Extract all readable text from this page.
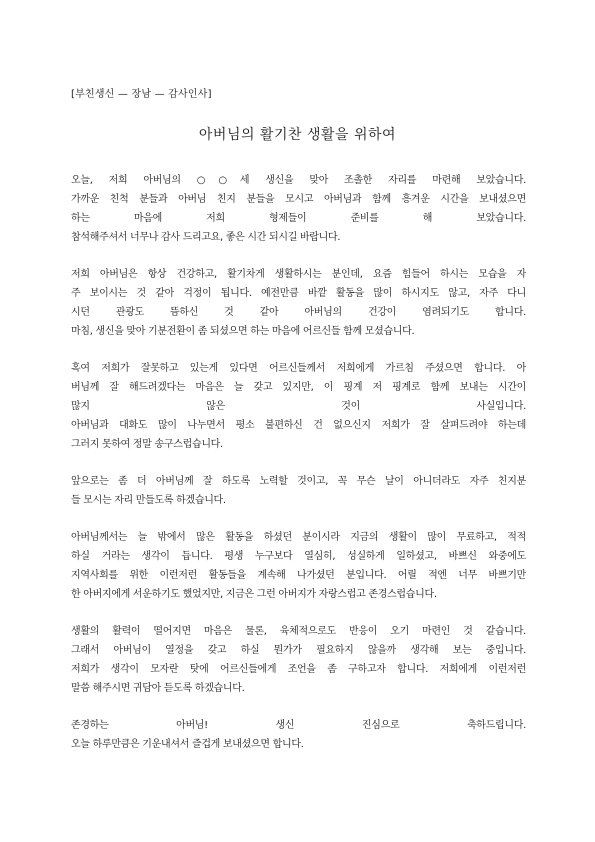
[부친생신 — 장남 — 감사인사]
아버님의 활기찬 생활을 위하여
오늘, 저희 아버님의 ○○세 생신을 맞아 조촐한 자리를 마련해 보았습니다.
가까운 친척 분들과 아버님 친지 분들을 모시고 아버님과 함께 흥겨운 시간을 보내셨으면
하는 마음에 저희 형제들이 준비를 해 보았습니다.
참석해주셔서 너무나 감사 드리고요, 좋은 시간 되시길 바랍니다.
저희 아버님은 항상 건강하고, 활기차게 생활하시는 분인데, 요즘 힘들어 하시는 모습을 자
주 보이시는 것 같아 걱정이 됩니다. 예전만큼 바깥 활동을 많이 하시지도 않고, 자주 다니
시던 관광도 뜸하신 것 같아 아버님의 건강이 염려되기도 합니다.
마침, 생신을 맞아 기분전환이 좀 되셨으면 하는 마음에 어르신들 함께 모셨습니다.
혹여 저희가 잘못하고 있는게 있다면 어르신들께서 저희에게 가르침 주셨으면 합니다. 아
버님께 잘 해드려겠다는 마음은 늘 갖고 있지만, 이 핑계 저 핑계로 함께 보내는 시간이
많지 않은 것이 사실입니다.
아버님과 대화도 많이 나누면서 평소 불편하신 건 없으신지 저희가 잘 살펴드려야 하는데
그러지 못하여 정말 송구스럽습니다.
앞으로는 좀 더 아버님께 잘 하도록 노력할 것이고, 꼭 무슨 날이 아니더라도 자주 친지분
들 모시는 자리 만들도록 하겠습니다.
아버님께서는 늘 밖에서 많은 활동을 하셨던 분이시라 지금의 생활이 많이 무료하고, 적적
하실 거라는 생각이 듭니다. 평생 누구보다 열심히, 성실하게 일하셨고, 바쁘신 와중에도
지역사회를 위한 이런저런 활동들을 계속해 나가셨던 분입니다. 어릴 적엔 너무 바쁘기만
한 아버지에게 서운하기도 했었지만, 지금은 그런 아버지가 자랑스럽고 존경스럽습니다.
생활의 활력이 떨어지면 마음은 물론, 육체적으로도 반응이 오기 마련인 것 같습니다.
그래서 아버님이 열정을 갖고 하실 뭔가가 필요하지 않을까 생각해 보는 중입니다.
저희가 생각이 모자란 탓에 어르신들에게 조언을 좀 구하고자 합니다. 저희에게 이런저런
말씀 해주시면 귀담아 듣도록 하겠습니다.
존경하는 아버님! 생신 진심으로 축하드립니다.
오늘 하루만큼은 기운내셔서 즐겁게 보내셨으면 합니다.
